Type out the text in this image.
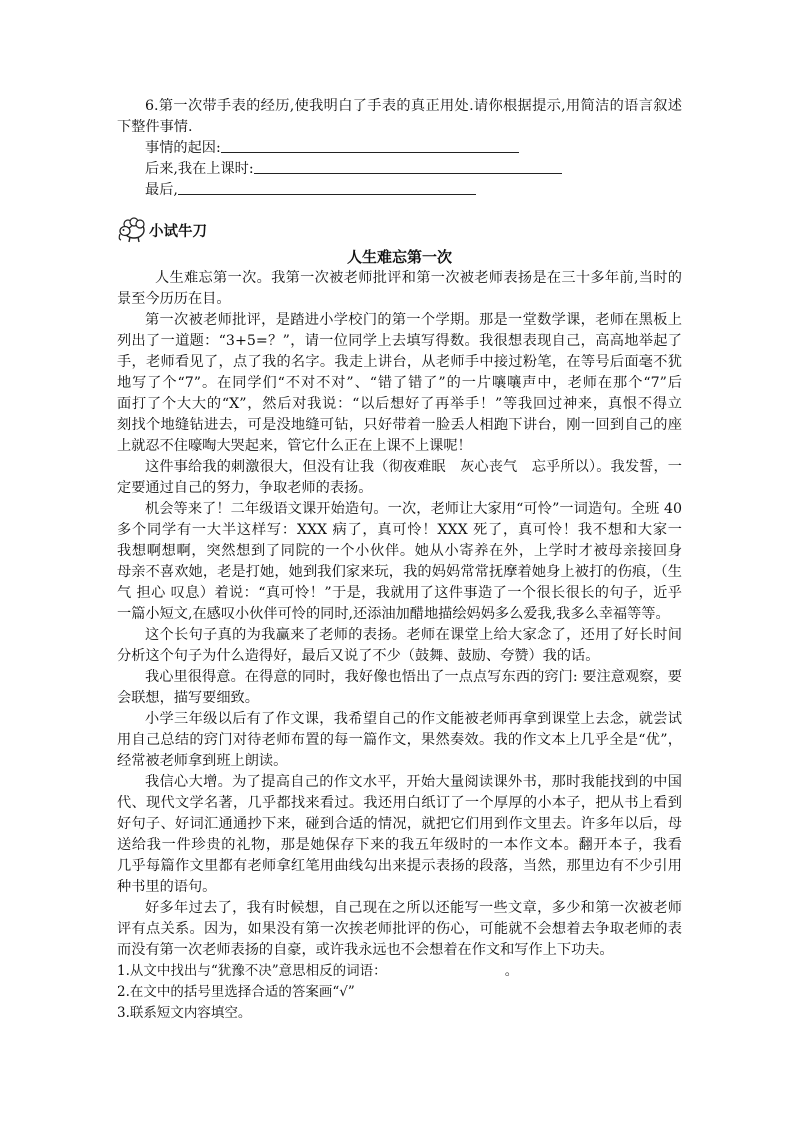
6.第一次带手表的经历,使我明白了手表的真正用处.请你根据提示,用简洁的语言叙述
下整件事情.
事情的起因:
后来,我在上课时:
最后,
小试牛刀
人生难忘第一次
人生难忘第一次。我第一次被老师批评和第一次被老师表扬是在三十多年前,当时的
景至今历历在目。
第一次被老师批评，是踏进小学校门的第一个学期。那是一堂数学课，老师在黑板上
列出了一道题：“3+5=？”，请一位同学上去填写得数。我很想表现自己，高高地举起了
手，老师看见了，点了我的名字。我走上讲台，从老师手中接过粉笔，在等号后面毫不犹
地写了个“7”。在同学们“不对不对”、“错了错了”的一片嚷嚷声中，老师在那个“7”后
面打了个大大的“X”，然后对我说：“以后想好了再举手！”等我回过神来，真恨不得立
刻找个地缝钻进去，可是没地缝可钻，只好带着一脸丢人相跑下讲台，刚一回到自己的座
上就忍不住嚎啕大哭起来，管它什么正在上课不上课呢！
这件事给我的刺激很大，但没有让我（彻夜难眠　灰心丧气　忘乎所以）。我发誓，一
定要通过自己的努力，争取老师的表扬。
机会等来了！二年级语文课开始造句。一次，老师让大家用“可怜”一词造句。全班 40
多个同学有一大半这样写：XXX 病了，真可怜！XXX 死了，真可怜！我不想和大家一
我想啊想啊，突然想到了同院的一个小伙伴。她从小寄养在外，上学时才被母亲接回身
母亲不喜欢她，老是打她，她到我们家来玩，我的妈妈常常抚摩着她身上被打的伤痕，（生
气 担心 叹息）着说：“真可怜！”于是，我就用了这件事造了一个很长很长的句子，近乎
一篇小短文,在感叹小伙伴可怜的同时,还添油加醋地描绘妈妈多么爱我,我多么幸福等等。
这个长句子真的为我赢来了老师的表扬。老师在课堂上给大家念了，还用了好长时间
分析这个句子为什么造得好，最后又说了不少（鼓舞、鼓励、夸赞）我的话。
我心里很得意。在得意的同时，我好像也悟出了一点点写东西的窍门: 要注意观察，要
会联想，描写要细致。
小学三年级以后有了作文课，我希望自己的作文能被老师再拿到课堂上去念，就尝试
用自己总结的窍门对待老师布置的每一篇作文，果然奏效。我的作文本上几乎全是“优”，
经常被老师拿到班上朗读。
我信心大增。为了提高自己的作文水平，开始大量阅读课外书，那时我能找到的中国
代、现代文学名著，几乎都找来看过。我还用白纸订了一个厚厚的小本子，把从书上看到
好句子、好词汇通通抄下来，碰到合适的情况，就把它们用到作文里去。许多年以后，母
送给我一件珍贵的礼物，那是她保存下来的我五年级时的一本作文本。翻开本子，我看
几乎每篇作文里都有老师拿红笔用曲线勾出来提示表扬的段落，当然，那里边有不少引用
种书里的语句。
好多年过去了，我有时候想，自己现在之所以还能写一些文章，多少和第一次被老师
评有点关系。因为，如果没有第一次挨老师批评的伤心，可能就不会想着去争取老师的表
而没有第一次老师表扬的自豪，或许我永远也不会想着在作文和写作上下功夫。
1.从文中找出与“犹豫不决”意思相反的词语：	。
2.在文中的括号里选择合适的答案画“√”
3.联系短文内容填空。
